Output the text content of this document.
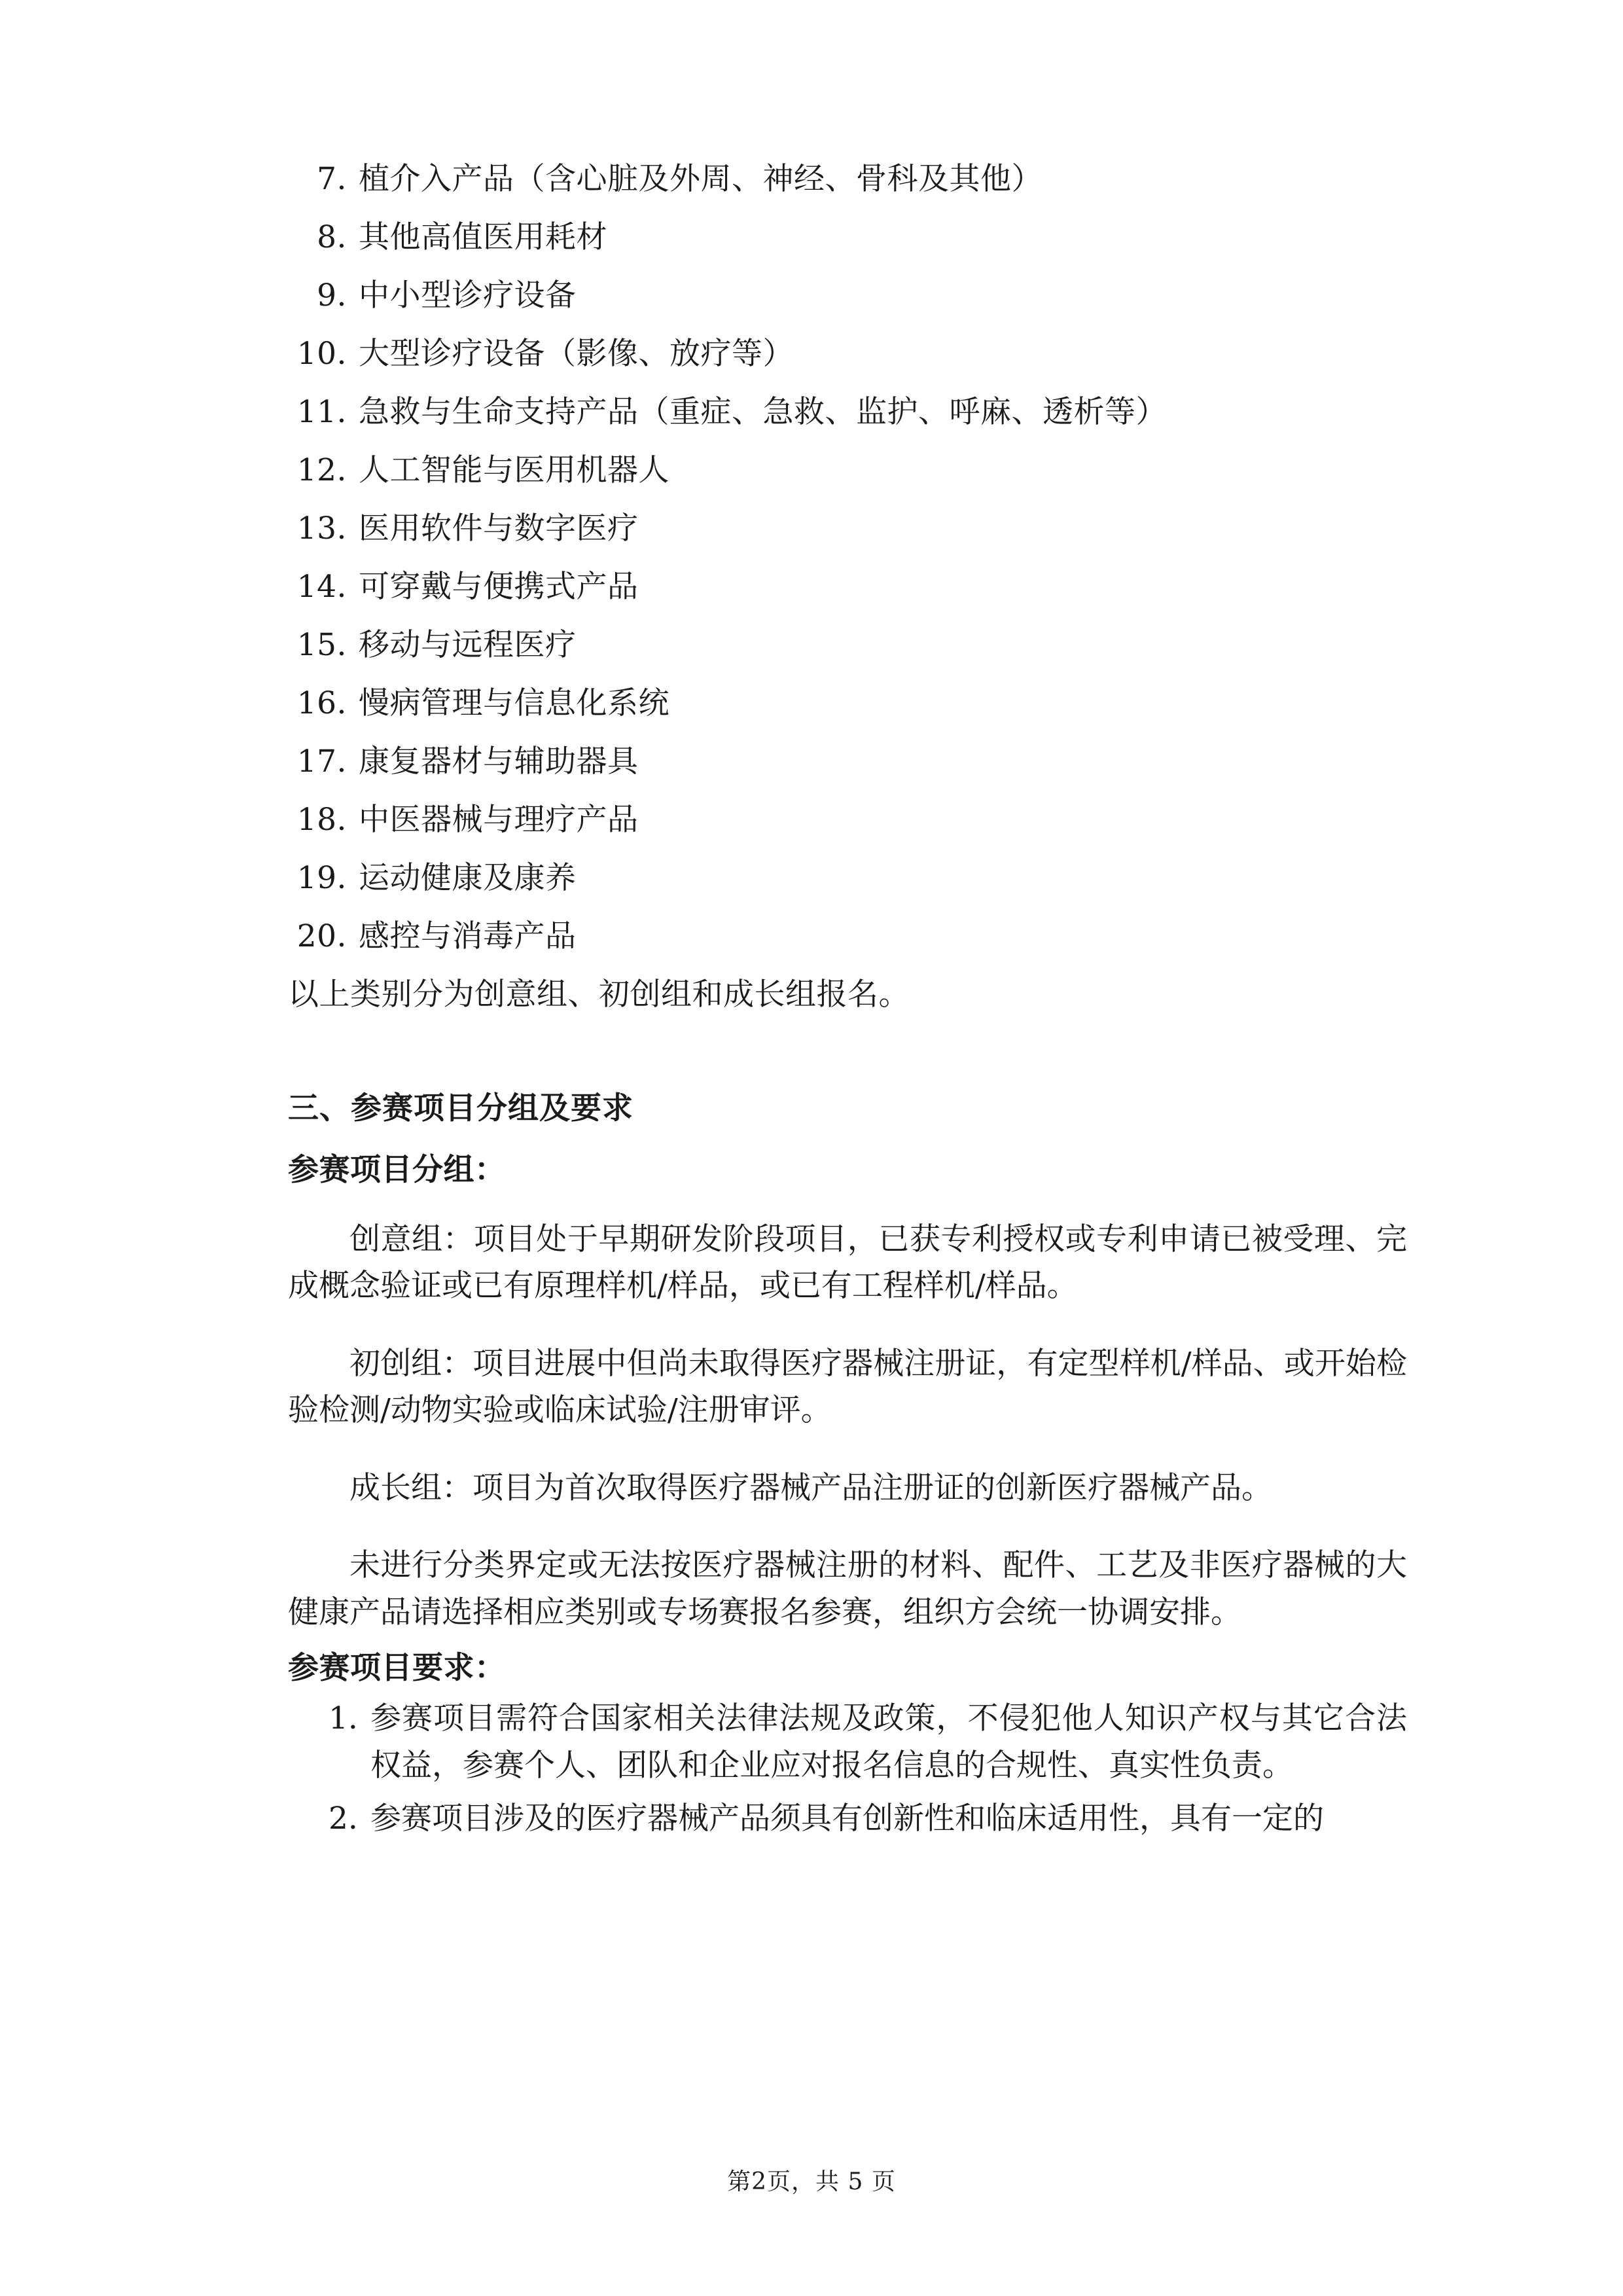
7. 植介入产品（含心脏及外周、神经、骨科及其他）
8. 其他高值医用耗材
9. 中小型诊疗设备
10. 大型诊疗设备（影像、放疗等）
11. 急救与生命支持产品（重症、急救、监护、呼麻、透析等）
12. 人工智能与医用机器人
13. 医用软件与数字医疗
14. 可穿戴与便携式产品
15. 移动与远程医疗
16. 慢病管理与信息化系统
17. 康复器材与辅助器具
18. 中医器械与理疗产品
19. 运动健康及康养
20. 感控与消毒产品

以上类别分为创意组、初创组和成长组报名。

三、参赛项目分组及要求
参赛项目分组：

创意组：项目处于早期研发阶段项目，已获专利授权或专利申请已被受理、完成概念验证或已有原理样机/样品，或已有工程样机/样品。

初创组：项目进展中但尚未取得医疗器械注册证，有定型样机/样品、或开始检验检测/动物实验或临床试验/注册审评。

成长组：项目为首次取得医疗器械产品注册证的创新医疗器械产品。

未进行分类界定或无法按医疗器械注册的材料、配件、工艺及非医疗器械的大健康产品请选择相应类别或专场赛报名参赛，组织方会统一协调安排。

参赛项目要求：
1. 参赛项目需符合国家相关法律法规及政策，不侵犯他人知识产权与其它合法权益，参赛个人、团队和企业应对报名信息的合规性、真实性负责。
2. 参赛项目涉及的医疗器械产品须具有创新性和临床适用性，具有一定的
第2页，共 5 页
